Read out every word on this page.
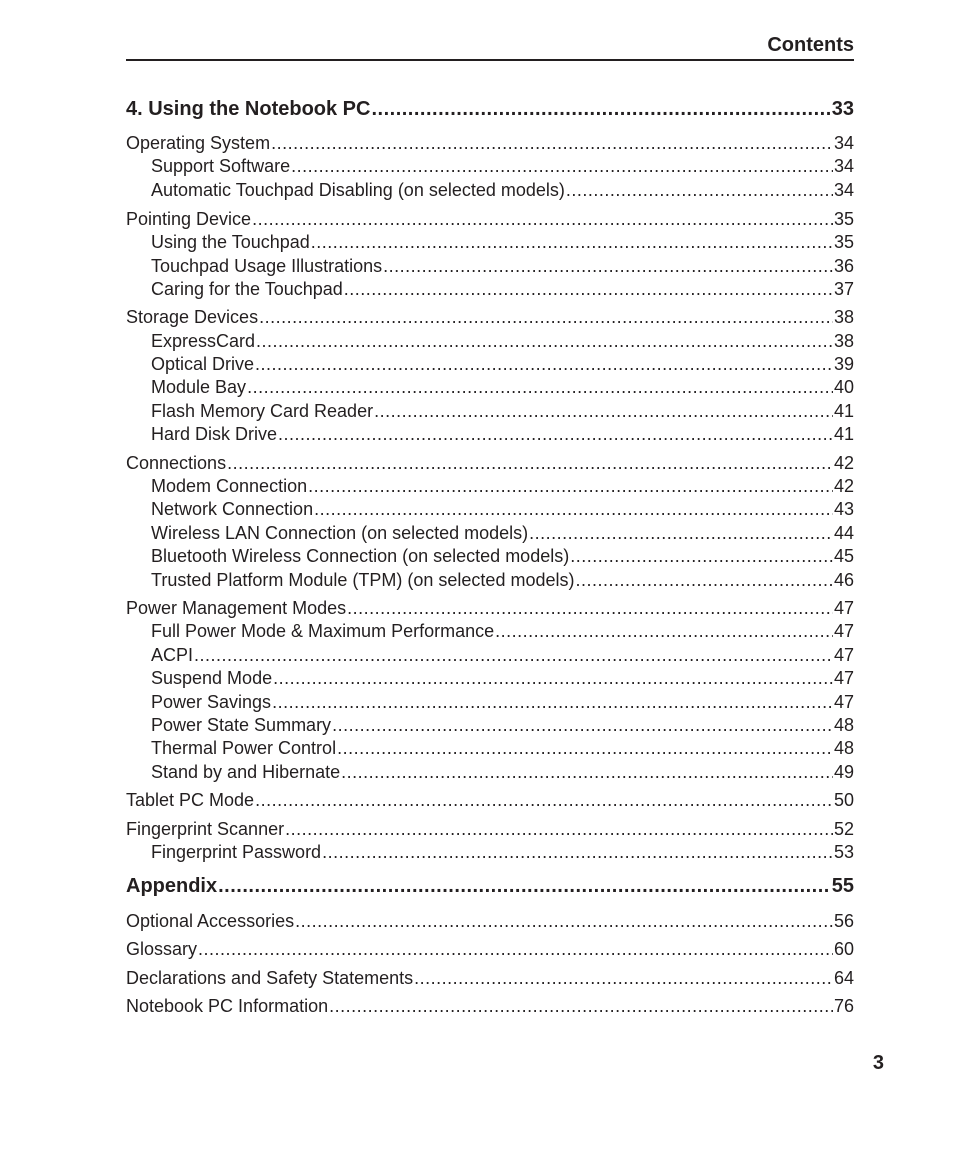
Contents
4. Using the Notebook PC .....	33
Operating System .....	34
Support Software .....	34
Automatic Touchpad Disabling (on selected models) .....	34
Pointing Device .....	35
Using the Touchpad .....	35
Touchpad Usage Illustrations .....	36
Caring for the Touchpad .....	37
Storage Devices .....	38
ExpressCard .....	38
Optical Drive .....	39
Module Bay .....	40
Flash Memory Card Reader .....	41
Hard Disk Drive .....	41
Connections .....	42
Modem Connection .....	42
Network Connection .....	43
Wireless LAN Connection (on selected models) .....	44
Bluetooth Wireless Connection (on selected models) .....	45
Trusted Platform Module (TPM) (on selected models) .....	46
Power Management Modes .....	47
Full Power Mode & Maximum Performance .....	47
ACPI .....	47
Suspend Mode .....	47
Power Savings .....	47
Power State Summary .....	48
Thermal Power Control .....	48
Stand by and Hibernate .....	49
Tablet PC Mode .....	50
Fingerprint Scanner .....	52
Fingerprint Password .....	53
Appendix .....	55
Optional Accessories .....	56
Glossary .....	60
Declarations and Safety Statements .....	64
Notebook PC Information .....	76
3
